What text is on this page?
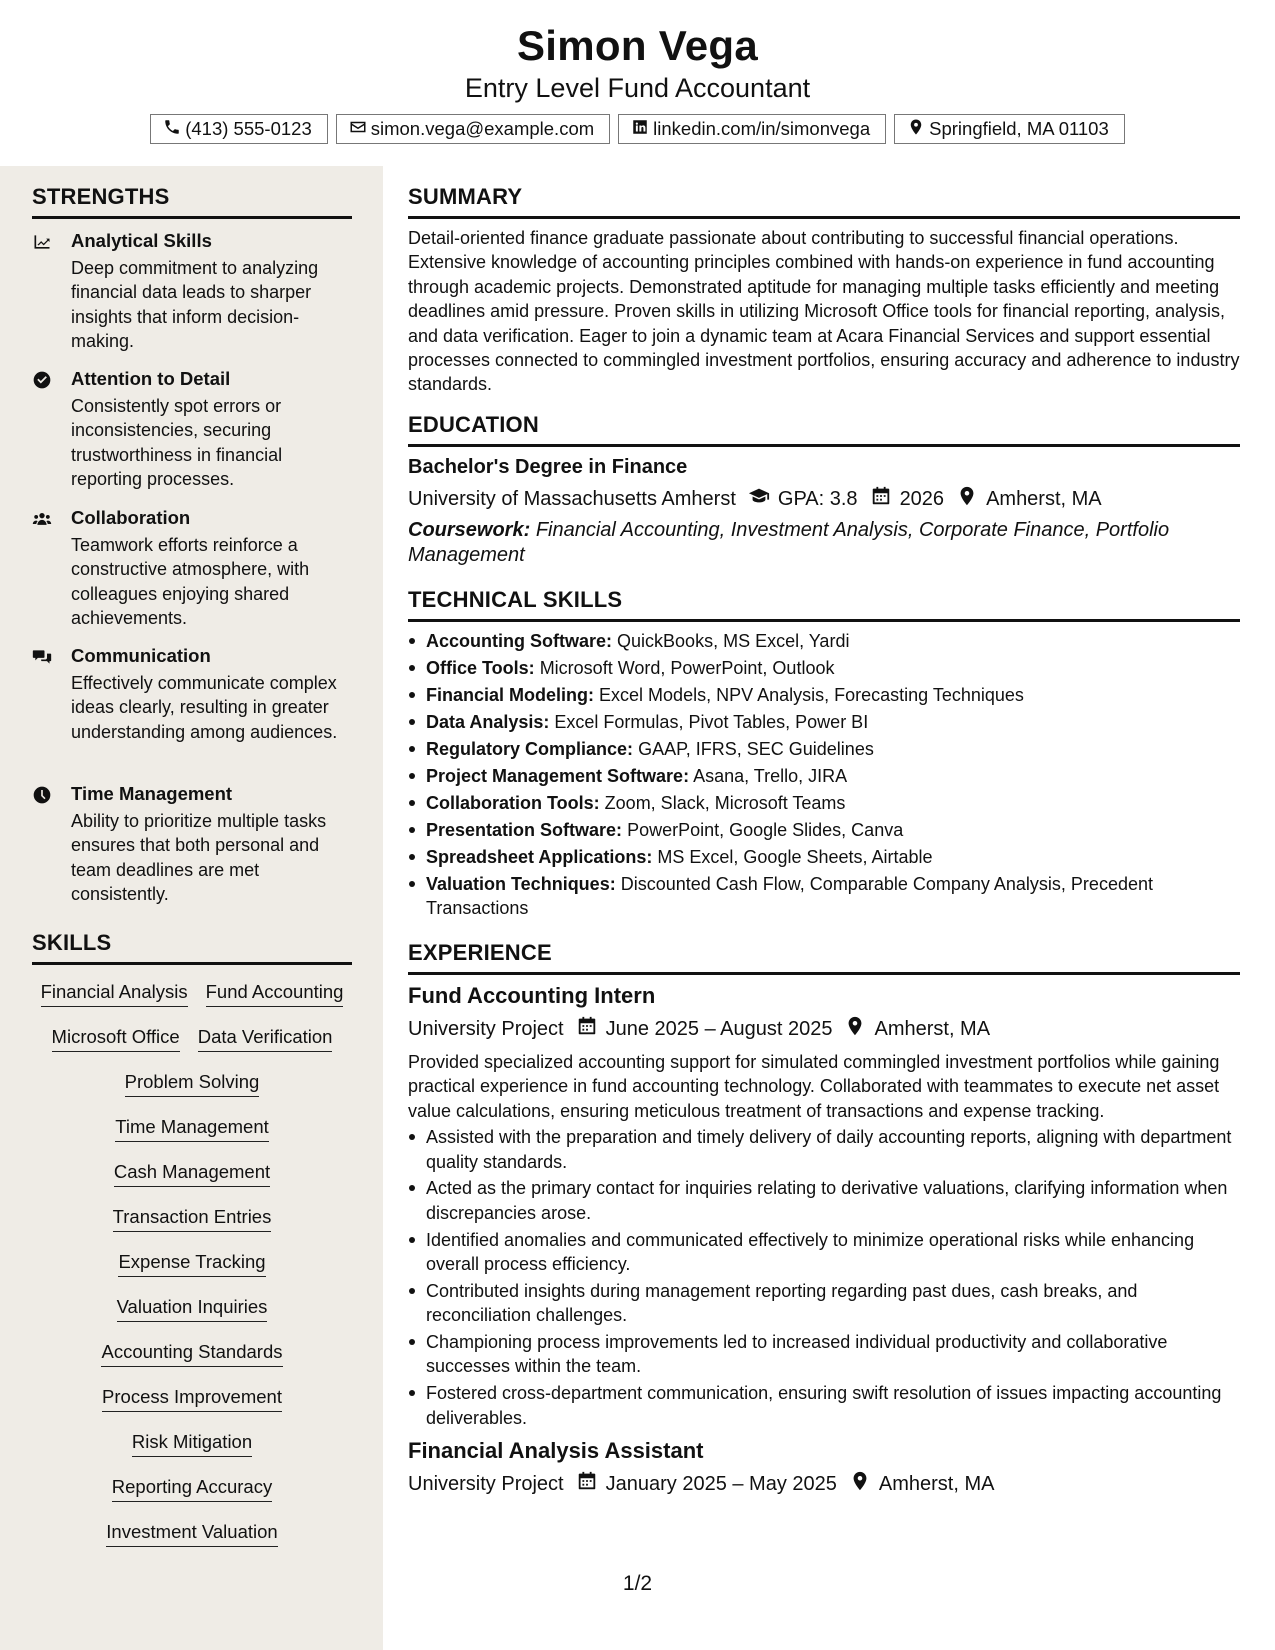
Simon Vega
Entry Level Fund Accountant
(413) 555-0123	simon.vega@example.com	linkedin.com/in/simonvega	Springfield, MA 01103
STRENGTHS
Analytical Skills
Deep commitment to analyzing financial data leads to sharper insights that inform decision-making.
Attention to Detail
Consistently spot errors or inconsistencies, securing trustworthiness in financial reporting processes.
Collaboration
Teamwork efforts reinforce a constructive atmosphere, with colleagues enjoying shared achievements.
Communication
Effectively communicate complex ideas clearly, resulting in greater understanding among audiences.
Time Management
Ability to prioritize multiple tasks ensures that both personal and team deadlines are met consistently.
SKILLS
Financial Analysis Fund Accounting
Microsoft Office Data Verification
Problem Solving
Time Management
Cash Management
Transaction Entries
Expense Tracking
Valuation Inquiries
Accounting Standards
Process Improvement
Risk Mitigation
Reporting Accuracy
Investment Valuation
SUMMARY
Detail-oriented finance graduate passionate about contributing to successful financial operations. Extensive knowledge of accounting principles combined with hands-on experience in fund accounting through academic projects. Demonstrated aptitude for managing multiple tasks efficiently and meeting deadlines amid pressure. Proven skills in utilizing Microsoft Office tools for financial reporting, analysis, and data verification. Eager to join a dynamic team at Acara Financial Services and support essential processes connected to commingled investment portfolios, ensuring accuracy and adherence to industry standards.
EDUCATION
Bachelor's Degree in Finance
University of Massachusetts Amherst GPA: 3.8 2026 Amherst, MA
Coursework: Financial Accounting, Investment Analysis, Corporate Finance, Portfolio Management
TECHNICAL SKILLS
Accounting Software: QuickBooks, MS Excel, Yardi
Office Tools: Microsoft Word, PowerPoint, Outlook
Financial Modeling: Excel Models, NPV Analysis, Forecasting Techniques
Data Analysis: Excel Formulas, Pivot Tables, Power BI
Regulatory Compliance: GAAP, IFRS, SEC Guidelines
Project Management Software: Asana, Trello, JIRA
Collaboration Tools: Zoom, Slack, Microsoft Teams
Presentation Software: PowerPoint, Google Slides, Canva
Spreadsheet Applications: MS Excel, Google Sheets, Airtable
Valuation Techniques: Discounted Cash Flow, Comparable Company Analysis, Precedent Transactions
EXPERIENCE
Fund Accounting Intern
University Project June 2025 – August 2025 Amherst, MA
Provided specialized accounting support for simulated commingled investment portfolios while gaining practical experience in fund accounting technology. Collaborated with teammates to execute net asset value calculations, ensuring meticulous treatment of transactions and expense tracking.
Assisted with the preparation and timely delivery of daily accounting reports, aligning with department quality standards.
Acted as the primary contact for inquiries relating to derivative valuations, clarifying information when discrepancies arose.
Identified anomalies and communicated effectively to minimize operational risks while enhancing overall process efficiency.
Contributed insights during management reporting regarding past dues, cash breaks, and reconciliation challenges.
Championing process improvements led to increased individual productivity and collaborative successes within the team.
Fostered cross-department communication, ensuring swift resolution of issues impacting accounting deliverables.
Financial Analysis Assistant
University Project January 2025 – May 2025 Amherst, MA
1/2
